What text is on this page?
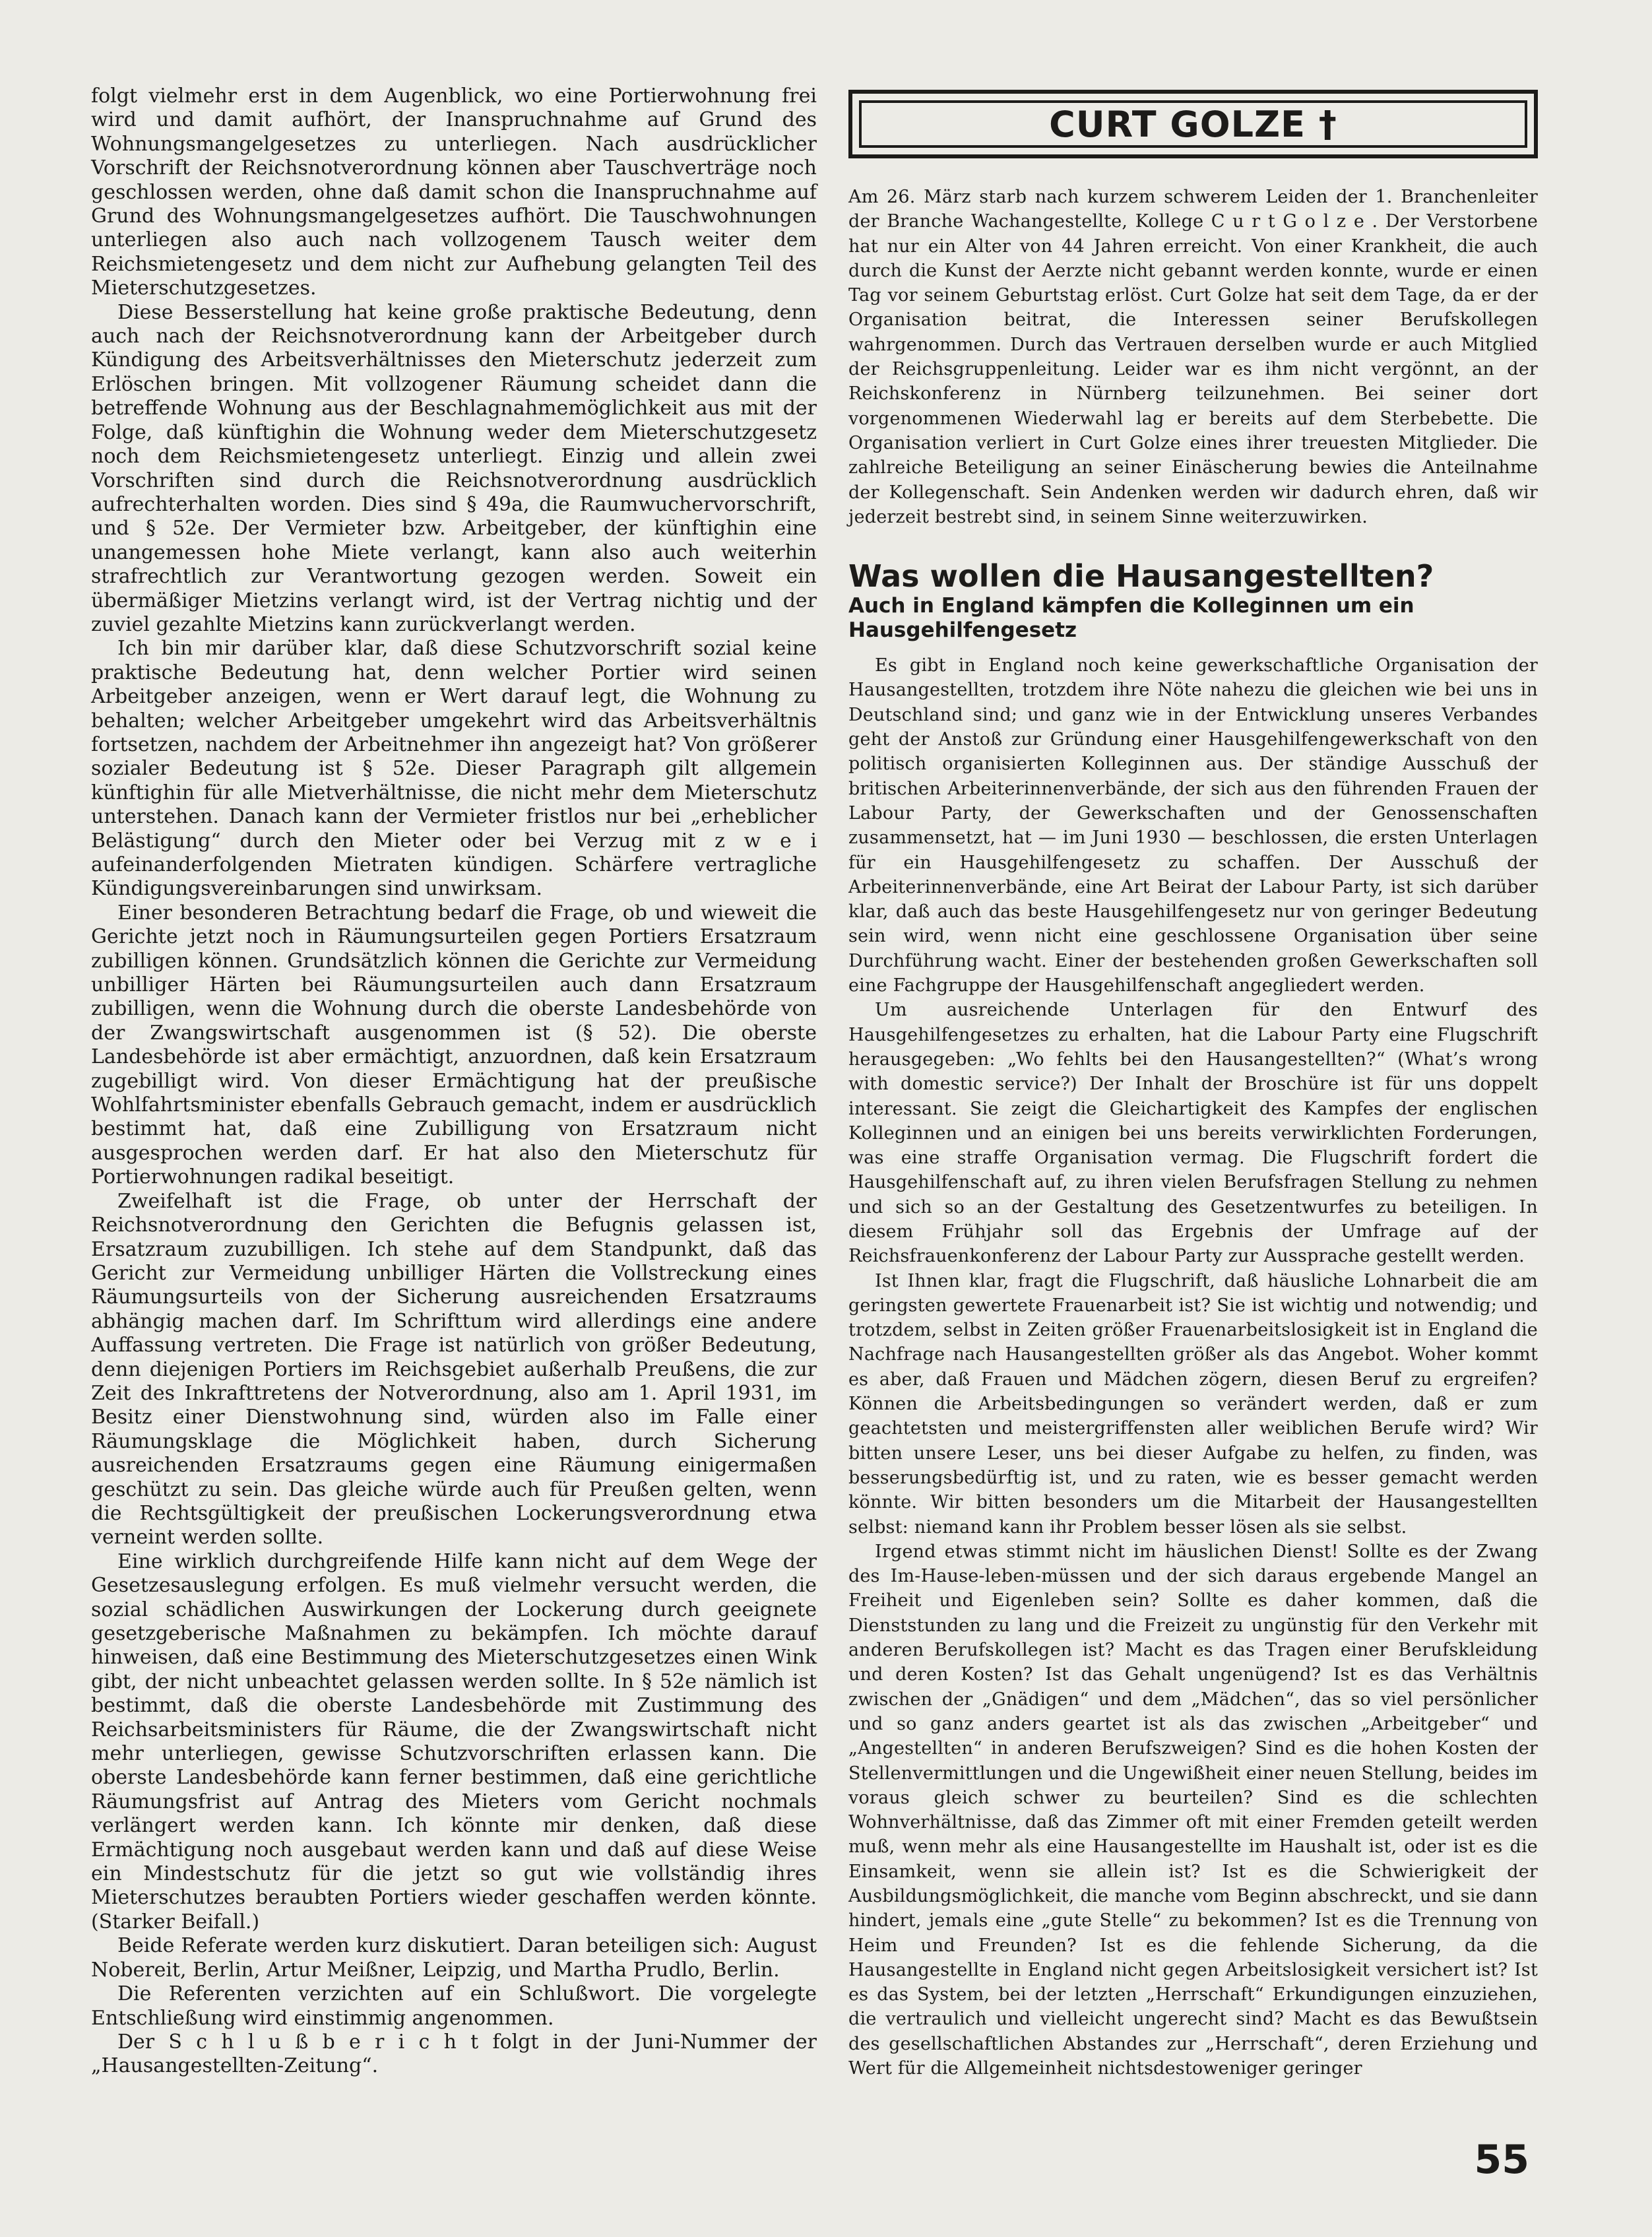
folgt vielmehr erst in dem Augenblick, wo eine Portierwohnung frei wird und damit aufhört, der Inanspruchnahme auf Grund des Wohnungsmangelgesetzes zu unterliegen. Nach ausdrücklicher Vorschrift der Reichsnotverordnung können aber Tauschverträge noch geschlossen werden, ohne daß damit schon die Inanspruchnahme auf Grund des Wohnungsmangelgesetzes aufhört. Die Tauschwohnungen unterliegen also auch nach vollzogenem Tausch weiter dem Reichsmietengesetz und dem nicht zur Aufhebung gelangten Teil des Mieterschutzgesetzes.

Diese Besserstellung hat keine große praktische Bedeutung, denn auch nach der Reichsnotverordnung kann der Arbeitgeber durch Kündigung des Arbeitsverhältnisses den Mieterschutz jederzeit zum Erlöschen bringen. Mit vollzogener Räumung scheidet dann die betreffende Wohnung aus der Beschlagnahmemöglichkeit aus mit der Folge, daß künftighin die Wohnung weder dem Mieterschutzgesetz noch dem Reichsmietengesetz unterliegt. Einzig und allein zwei Vorschriften sind durch die Reichsnotverordnung ausdrücklich aufrechterhalten worden. Dies sind § 49a, die Raumwuchervorschrift, und § 52e. Der Vermieter bzw. Arbeitgeber, der künftighin eine unangemessen hohe Miete verlangt, kann also auch weiterhin strafrechtlich zur Verantwortung gezogen werden. Soweit ein übermäßiger Mietzins verlangt wird, ist der Vertrag nichtig und der zuviel gezahlte Mietzins kann zurückverlangt werden.

Ich bin mir darüber klar, daß diese Schutzvorschrift sozial keine praktische Bedeutung hat, denn welcher Portier wird seinen Arbeitgeber anzeigen, wenn er Wert darauf legt, die Wohnung zu behalten; welcher Arbeitgeber umgekehrt wird das Arbeitsverhältnis fortsetzen, nachdem der Arbeitnehmer ihn angezeigt hat? Von größerer sozialer Bedeutung ist § 52e. Dieser Paragraph gilt allgemein künftighin für alle Mietverhältnisse, die nicht mehr dem Mieterschutz unterstehen. Danach kann der Vermieter fristlos nur bei „erheblicher Belästigung“ durch den Mieter oder bei Verzug mit z w e i aufeinanderfolgenden Mietraten kündigen. Schärfere vertragliche Kündigungsvereinbarungen sind unwirksam.

Einer besonderen Betrachtung bedarf die Frage, ob und wieweit die Gerichte jetzt noch in Räumungsurteilen gegen Portiers Ersatzraum zubilligen können. Grundsätzlich können die Gerichte zur Vermeidung unbilliger Härten bei Räumungsurteilen auch dann Ersatzraum zubilligen, wenn die Wohnung durch die oberste Landesbehörde von der Zwangswirtschaft ausgenommen ist (§ 52). Die oberste Landesbehörde ist aber ermächtigt, anzuordnen, daß kein Ersatzraum zugebilligt wird. Von dieser Ermächtigung hat der preußische Wohlfahrtsminister ebenfalls Gebrauch gemacht, indem er ausdrücklich bestimmt hat, daß eine Zubilligung von Ersatzraum nicht ausgesprochen werden darf. Er hat also den Mieterschutz für Portierwohnungen radikal beseitigt.

Zweifelhaft ist die Frage, ob unter der Herrschaft der Reichsnotverordnung den Gerichten die Befugnis gelassen ist, Ersatzraum zuzubilligen. Ich stehe auf dem Standpunkt, daß das Gericht zur Vermeidung unbilliger Härten die Vollstreckung eines Räumungsurteils von der Sicherung ausreichenden Ersatzraums abhängig machen darf. Im Schrifttum wird allerdings eine andere Auffassung vertreten. Die Frage ist natürlich von größer Bedeutung, denn diejenigen Portiers im Reichsgebiet außerhalb Preußens, die zur Zeit des Inkrafttretens der Notverordnung, also am 1. April 1931, im Besitz einer Dienstwohnung sind, würden also im Falle einer Räumungsklage die Möglichkeit haben, durch Sicherung ausreichenden Ersatzraums gegen eine Räumung einigermaßen geschützt zu sein. Das gleiche würde auch für Preußen gelten, wenn die Rechtsgültigkeit der preußischen Lockerungsverordnung etwa verneint werden sollte.

Eine wirklich durchgreifende Hilfe kann nicht auf dem Wege der Gesetzesauslegung erfolgen. Es muß vielmehr versucht werden, die sozial schädlichen Auswirkungen der Lockerung durch geeignete gesetzgeberische Maßnahmen zu bekämpfen. Ich möchte darauf hinweisen, daß eine Bestimmung des Mieterschutzgesetzes einen Wink gibt, der nicht unbeachtet gelassen werden sollte. In § 52e nämlich ist bestimmt, daß die oberste Landesbehörde mit Zustimmung des Reichsarbeitsministers für Räume, die der Zwangswirtschaft nicht mehr unterliegen, gewisse Schutzvorschriften erlassen kann. Die oberste Landesbehörde kann ferner bestimmen, daß eine gerichtliche Räumungsfrist auf Antrag des Mieters vom Gericht nochmals verlängert werden kann. Ich könnte mir denken, daß diese Ermächtigung noch ausgebaut werden kann und daß auf diese Weise ein Mindestschutz für die jetzt so gut wie vollständig ihres Mieterschutzes beraubten Portiers wieder geschaffen werden könnte. (Starker Beifall.)

Beide Referate werden kurz diskutiert. Daran beteiligen sich: August Nobereit, Berlin, Artur Meißner, Leipzig, und Martha Prudlo, Berlin.

Die Referenten verzichten auf ein Schlußwort. Die vorgelegte Entschließung wird einstimmig angenommen.

Der S c h l u ß b e r i c h t folgt in der Juni-Nummer der „Hausangestellten-Zeitung“.

CURT GOLZE †

Am 26. März starb nach kurzem schwerem Leiden der 1. Branchenleiter der Branche Wachangestellte, Kollege C u r t G o l z e . Der Verstorbene hat nur ein Alter von 44 Jahren erreicht. Von einer Krankheit, die auch durch die Kunst der Aerzte nicht gebannt werden konnte, wurde er einen Tag vor seinem Geburtstag erlöst. Curt Golze hat seit dem Tage, da er der Organisation beitrat, die Interessen seiner Berufskollegen wahrgenommen. Durch das Vertrauen derselben wurde er auch Mitglied der Reichsgruppenleitung. Leider war es ihm nicht vergönnt, an der Reichskonferenz in Nürnberg teilzunehmen. Bei seiner dort vorgenommenen Wiederwahl lag er bereits auf dem Sterbebette. Die Organisation verliert in Curt Golze eines ihrer treuesten Mitglieder. Die zahlreiche Beteiligung an seiner Einäscherung bewies die Anteilnahme der Kollegenschaft. Sein Andenken werden wir dadurch ehren, daß wir jederzeit bestrebt sind, in seinem Sinne weiterzuwirken.

Was wollen die Hausangestellten?
Auch in England kämpfen die Kolleginnen um ein Hausgehilfengesetz

Es gibt in England noch keine gewerkschaftliche Organisation der Hausangestellten, trotzdem ihre Nöte nahezu die gleichen wie bei uns in Deutschland sind; und ganz wie in der Entwicklung unseres Verbandes geht der Anstoß zur Gründung einer Hausgehilfengewerkschaft von den politisch organisierten Kolleginnen aus. Der ständige Ausschuß der britischen Arbeiterinnenverbände, der sich aus den führenden Frauen der Labour Party, der Gewerkschaften und der Genossenschaften zusammensetzt, hat — im Juni 1930 — beschlossen, die ersten Unterlagen für ein Hausgehilfengesetz zu schaffen. Der Ausschuß der Arbeiterinnenverbände, eine Art Beirat der Labour Party, ist sich darüber klar, daß auch das beste Hausgehilfengesetz nur von geringer Bedeutung sein wird, wenn nicht eine geschlossene Organisation über seine Durchführung wacht. Einer der bestehenden großen Gewerkschaften soll eine Fachgruppe der Hausgehilfenschaft angegliedert werden.

Um ausreichende Unterlagen für den Entwurf des Hausgehilfengesetzes zu erhalten, hat die Labour Party eine Flugschrift herausgegeben: „Wo fehlts bei den Hausangestellten?“ (What’s wrong with domestic service?) Der Inhalt der Broschüre ist für uns doppelt interessant. Sie zeigt die Gleichartigkeit des Kampfes der englischen Kolleginnen und an einigen bei uns bereits verwirklichten Forderungen, was eine straffe Organisation vermag. Die Flugschrift fordert die Hausgehilfenschaft auf, zu ihren vielen Berufsfragen Stellung zu nehmen und sich so an der Gestaltung des Gesetzentwurfes zu beteiligen. In diesem Frühjahr soll das Ergebnis der Umfrage auf der Reichsfrauenkonferenz der Labour Party zur Aussprache gestellt werden.

Ist Ihnen klar, fragt die Flugschrift, daß häusliche Lohnarbeit die am geringsten gewertete Frauenarbeit ist? Sie ist wichtig und notwendig; und trotzdem, selbst in Zeiten größer Frauenarbeitslosigkeit ist in England die Nachfrage nach Hausangestellten größer als das Angebot. Woher kommt es aber, daß Frauen und Mädchen zögern, diesen Beruf zu ergreifen? Können die Arbeitsbedingungen so verändert werden, daß er zum geachtetsten und meistergriffensten aller weiblichen Berufe wird? Wir bitten unsere Leser, uns bei dieser Aufgabe zu helfen, zu finden, was besserungsbedürftig ist, und zu raten, wie es besser gemacht werden könnte. Wir bitten besonders um die Mitarbeit der Hausangestellten selbst: niemand kann ihr Problem besser lösen als sie selbst.

Irgend etwas stimmt nicht im häuslichen Dienst! Sollte es der Zwang des Im-Hause-leben-müssen und der sich daraus ergebende Mangel an Freiheit und Eigenleben sein? Sollte es daher kommen, daß die Dienststunden zu lang und die Freizeit zu ungünstig für den Verkehr mit anderen Berufskollegen ist? Macht es das Tragen einer Berufskleidung und deren Kosten? Ist das Gehalt ungenügend? Ist es das Verhältnis zwischen der „Gnädigen“ und dem „Mädchen“, das so viel persönlicher und so ganz anders geartet ist als das zwischen „Arbeitgeber“ und „Angestellten“ in anderen Berufszweigen? Sind es die hohen Kosten der Stellenvermittlungen und die Ungewißheit einer neuen Stellung, beides im voraus gleich schwer zu beurteilen? Sind es die schlechten Wohnverhältnisse, daß das Zimmer oft mit einer Fremden geteilt werden muß, wenn mehr als eine Hausangestellte im Haushalt ist, oder ist es die Einsamkeit, wenn sie allein ist? Ist es die Schwierigkeit der Ausbildungsmöglichkeit, die manche vom Beginn abschreckt, und sie dann hindert, jemals eine „gute Stelle“ zu bekommen? Ist es die Trennung von Heim und Freunden? Ist es die fehlende Sicherung, da die Hausangestellte in England nicht gegen Arbeitslosigkeit versichert ist? Ist es das System, bei der letzten „Herrschaft“ Erkundigungen einzuziehen, die vertraulich und vielleicht ungerecht sind? Macht es das Bewußtsein des gesellschaftlichen Abstandes zur „Herrschaft“, deren Erziehung und Wert für die Allgemeinheit nichtsdestoweniger geringer

55
